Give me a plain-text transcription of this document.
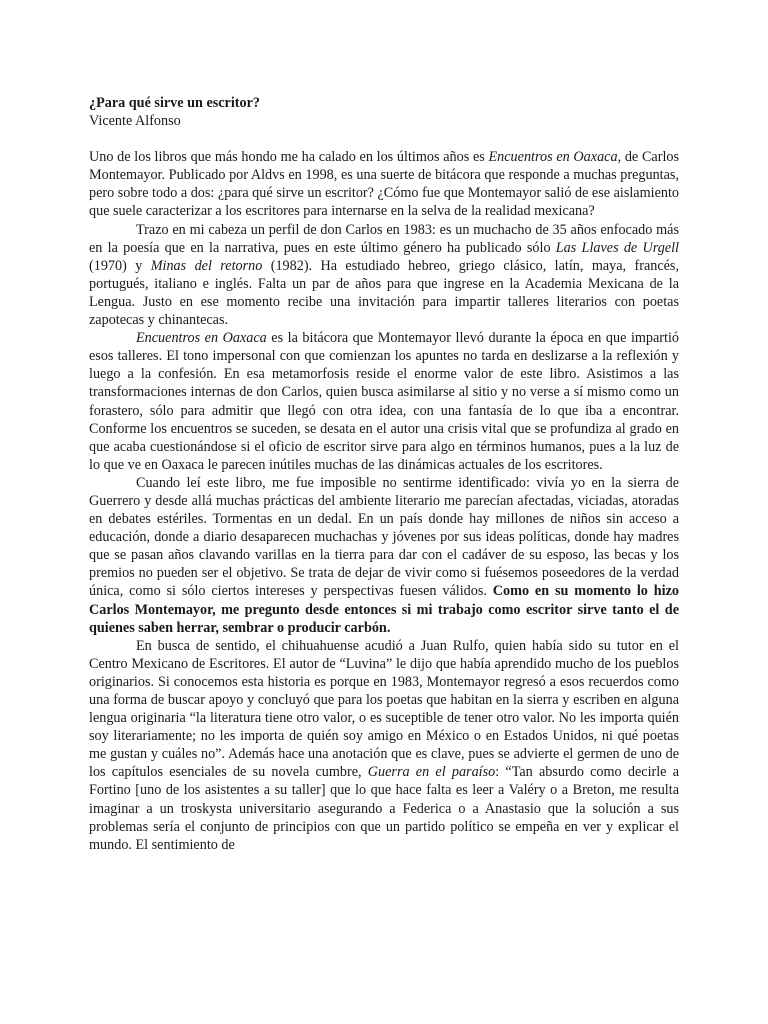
¿Para qué sirve un escritor?

Vicente Alfonso

Uno de los libros que más hondo me ha calado en los últimos años es Encuentros en Oaxaca, de Carlos Montemayor. Publicado por Aldvs en 1998, es una suerte de bitácora que responde a muchas preguntas, pero sobre todo a dos: ¿para qué sirve un escritor? ¿Cómo fue que Montemayor salió de ese aislamiento que suele caracterizar a los escritores para internarse en la selva de la realidad mexicana?

Trazo en mi cabeza un perfil de don Carlos en 1983: es un muchacho de 35 años enfocado más en la poesía que en la narrativa, pues en este último género ha publicado sólo Las Llaves de Urgell (1970) y Minas del retorno (1982). Ha estudiado hebreo, griego clásico, latín, maya, francés, portugués, italiano e inglés. Falta un par de años para que ingrese en la Academia Mexicana de la Lengua. Justo en ese momento recibe una invitación para impartir talleres literarios con poetas zapotecas y chinantecas.

Encuentros en Oaxaca es la bitácora que Montemayor llevó durante la época en que impartió esos talleres. El tono impersonal con que comienzan los apuntes no tarda en deslizarse a la reflexión y luego a la confesión. En esa metamorfosis reside el enorme valor de este libro. Asistimos a las transformaciones internas de don Carlos, quien busca asimilarse al sitio y no verse a sí mismo como un forastero, sólo para admitir que llegó con otra idea, con una fantasía de lo que iba a encontrar. Conforme los encuentros se suceden, se desata en el autor una crisis vital que se profundiza al grado en que acaba cuestionándose si el oficio de escritor sirve para algo en términos humanos, pues a la luz de lo que ve en Oaxaca le parecen inútiles muchas de las dinámicas actuales de los escritores.

Cuando leí este libro, me fue imposible no sentirme identificado: vivía yo en la sierra de Guerrero y desde allá muchas prácticas del ambiente literario me parecían afectadas, viciadas, atoradas en debates estériles. Tormentas en un dedal. En un país donde hay millones de niños sin acceso a educación, donde a diario desaparecen muchachas y jóvenes por sus ideas políticas, donde hay madres que se pasan años clavando varillas en la tierra para dar con el cadáver de su esposo, las becas y los premios no pueden ser el objetivo. Se trata de dejar de vivir como si fuésemos poseedores de la verdad única, como si sólo ciertos intereses y perspectivas fuesen válidos. Como en su momento lo hizo Carlos Montemayor, me pregunto desde entonces si mi trabajo como escritor sirve tanto el de quienes saben herrar, sembrar o producir carbón.

En busca de sentido, el chihuahuense acudió a Juan Rulfo, quien había sido su tutor en el Centro Mexicano de Escritores. El autor de “Luvina” le dijo que había aprendido mucho de los pueblos originarios. Si conocemos esta historia es porque en 1983, Montemayor regresó a esos recuerdos como una forma de buscar apoyo y concluyó que para los poetas que habitan en la sierra y escriben en alguna lengua originaria “la literatura tiene otro valor, o es suceptible de tener otro valor. No les importa quién soy literariamente; no les importa de quién soy amigo en México o en Estados Unidos, ni qué poetas me gustan y cuáles no”. Además hace una anotación que es clave, pues se advierte el germen de uno de los capítulos esenciales de su novela cumbre, Guerra en el paraíso: “Tan absurdo como decirle a Fortino [uno de los asistentes a su taller] que lo que hace falta es leer a Valéry o a Breton, me resulta imaginar a un troskysta universitario asegurando a Federica o a Anastasio que la solución a sus problemas sería el conjunto de principios con que un partido político se empeña en ver y explicar el mundo. El sentimiento de
